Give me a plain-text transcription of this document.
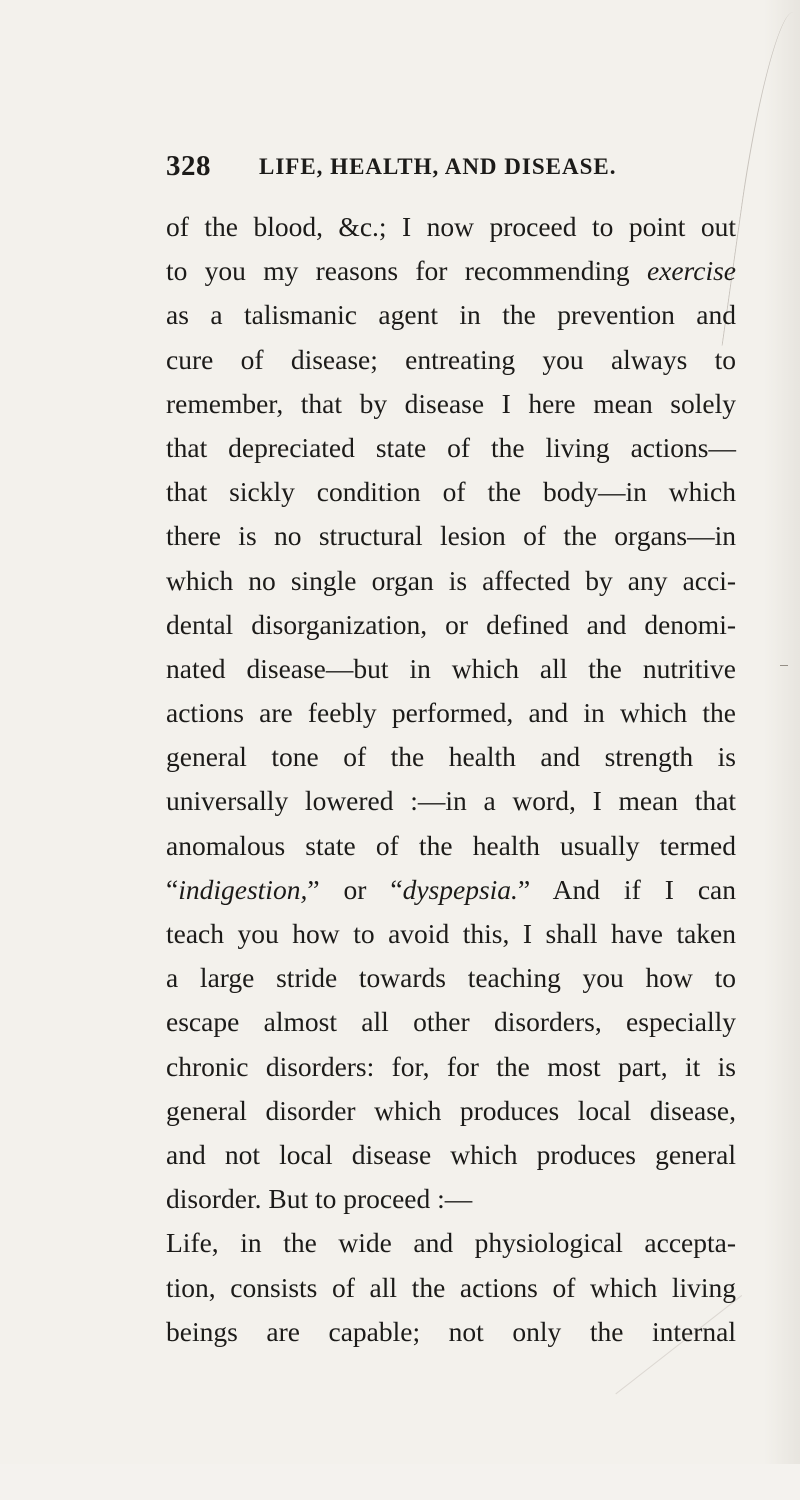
328 LIFE, HEALTH, AND DISEASE.
of the blood, &c.; I now proceed to point out
to you my reasons for recommending exercise
as a talismanic agent in the prevention and
cure of disease; entreating you always to
remember, that by disease I here mean solely
that depreciated state of the living actions—
that sickly condition of the body—in which
there is no structural lesion of the organs—in
which no single organ is affected by any acci-
dental disorganization, or defined and denomi-
nated disease—but in which all the nutritive
actions are feebly performed, and in which the
general tone of the health and strength is
universally lowered :—in a word, I mean that
anomalous state of the health usually termed
“indigestion,” or “dyspepsia.” And if I can
teach you how to avoid this, I shall have taken
a large stride towards teaching you how to
escape almost all other disorders, especially
chronic disorders: for, for the most part, it is
general disorder which produces local disease,
and not local disease which produces general
disorder. But to proceed :—
Life, in the wide and physiological accepta-
tion, consists of all the actions of which living
beings are capable; not only the internal
